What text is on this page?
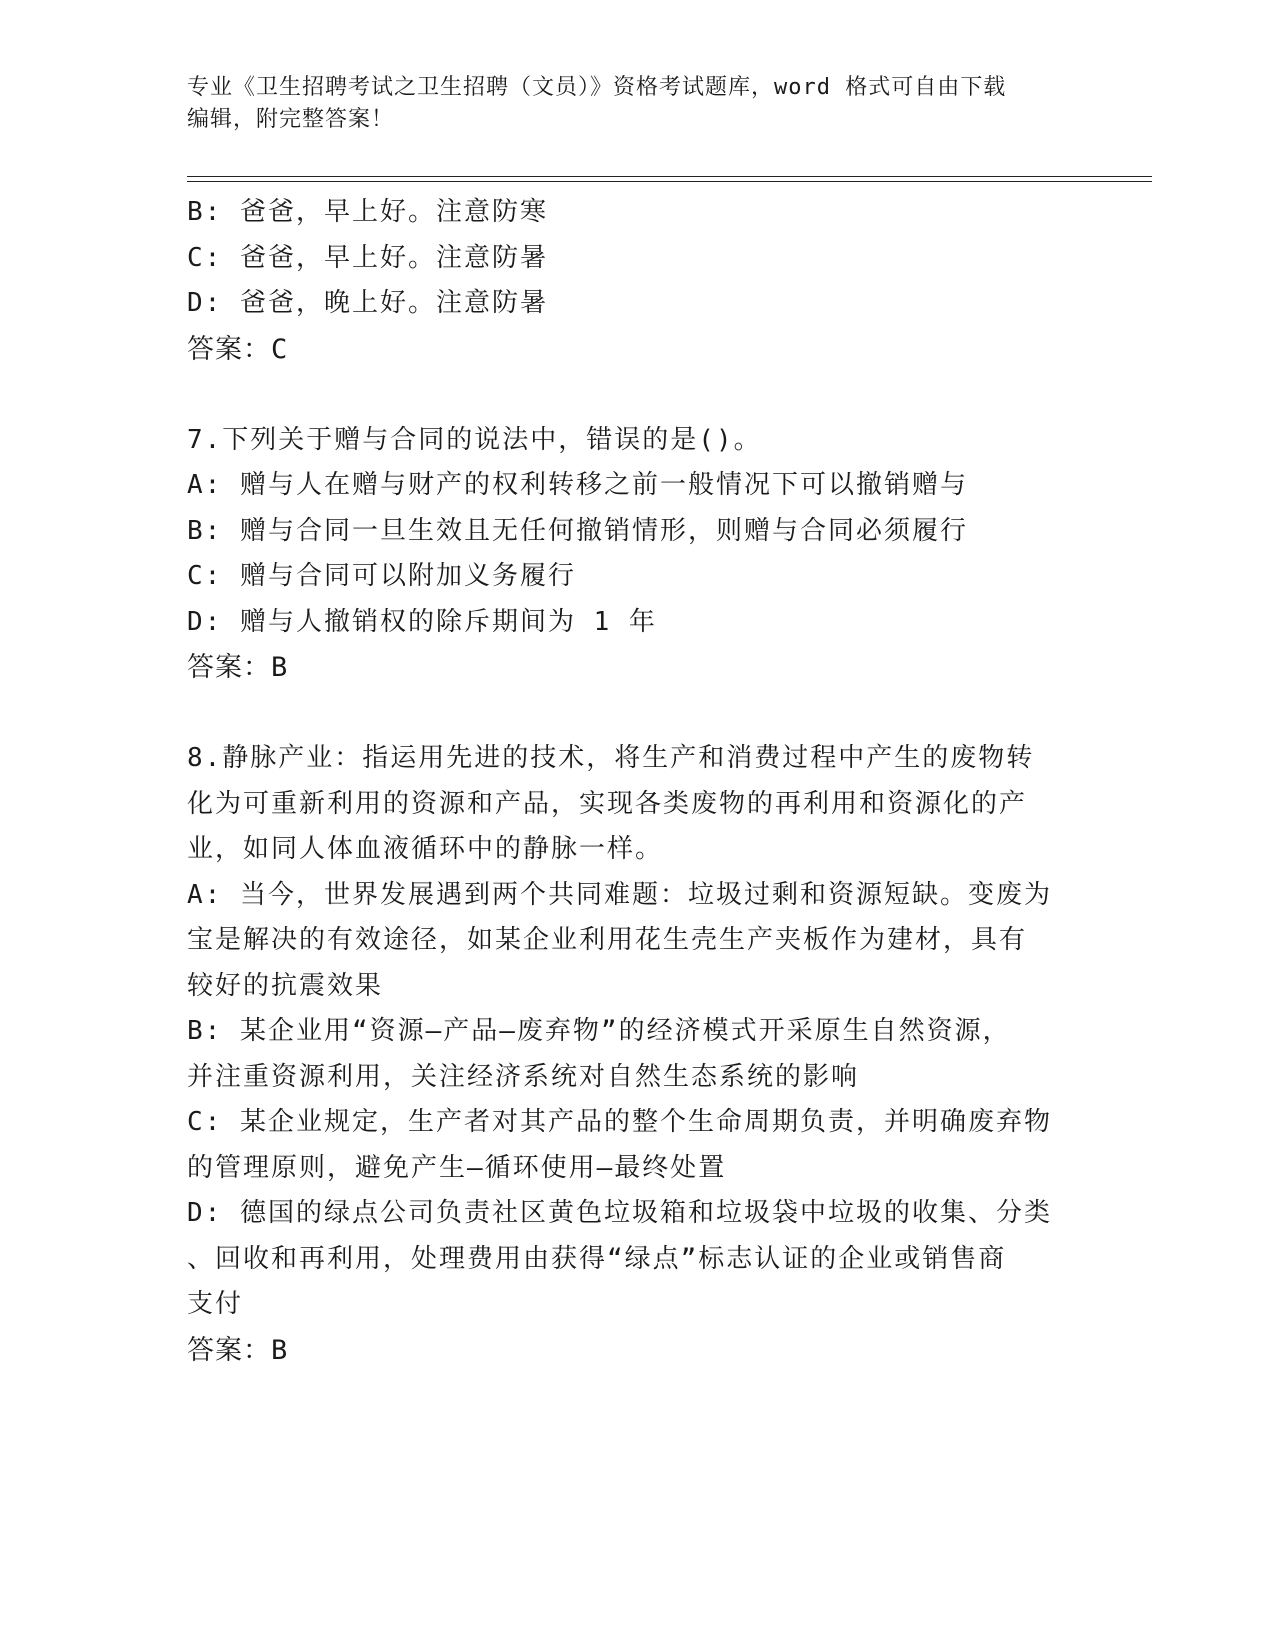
专业《卫生招聘考试之卫生招聘（文员）》资格考试题库，word 格式可自由下载
编辑，附完整答案！
B: 爸爸，早上好。注意防寒
C: 爸爸，早上好。注意防暑
D: 爸爸，晚上好。注意防暑
答案：C
7.下列关于赠与合同的说法中，错误的是()。
A: 赠与人在赠与财产的权利转移之前一般情况下可以撤销赠与
B: 赠与合同一旦生效且无任何撤销情形，则赠与合同必须履行
C: 赠与合同可以附加义务履行
D: 赠与人撤销权的除斥期间为 1 年
答案：B
8.静脉产业：指运用先进的技术，将生产和消费过程中产生的废物转
化为可重新利用的资源和产品，实现各类废物的再利用和资源化的产
业，如同人体血液循环中的静脉一样。
A: 当今，世界发展遇到两个共同难题：垃圾过剩和资源短缺。变废为
宝是解决的有效途径，如某企业利用花生壳生产夹板作为建材，具有
较好的抗震效果
B: 某企业用“资源—产品—废弃物”的经济模式开采原生自然资源，
并注重资源利用，关注经济系统对自然生态系统的影响
C: 某企业规定，生产者对其产品的整个生命周期负责，并明确废弃物
的管理原则，避免产生—循环使用—最终处置
D: 德国的绿点公司负责社区黄色垃圾箱和垃圾袋中垃圾的收集、分类
、回收和再利用，处理费用由获得“绿点”标志认证的企业或销售商
支付
答案：B
